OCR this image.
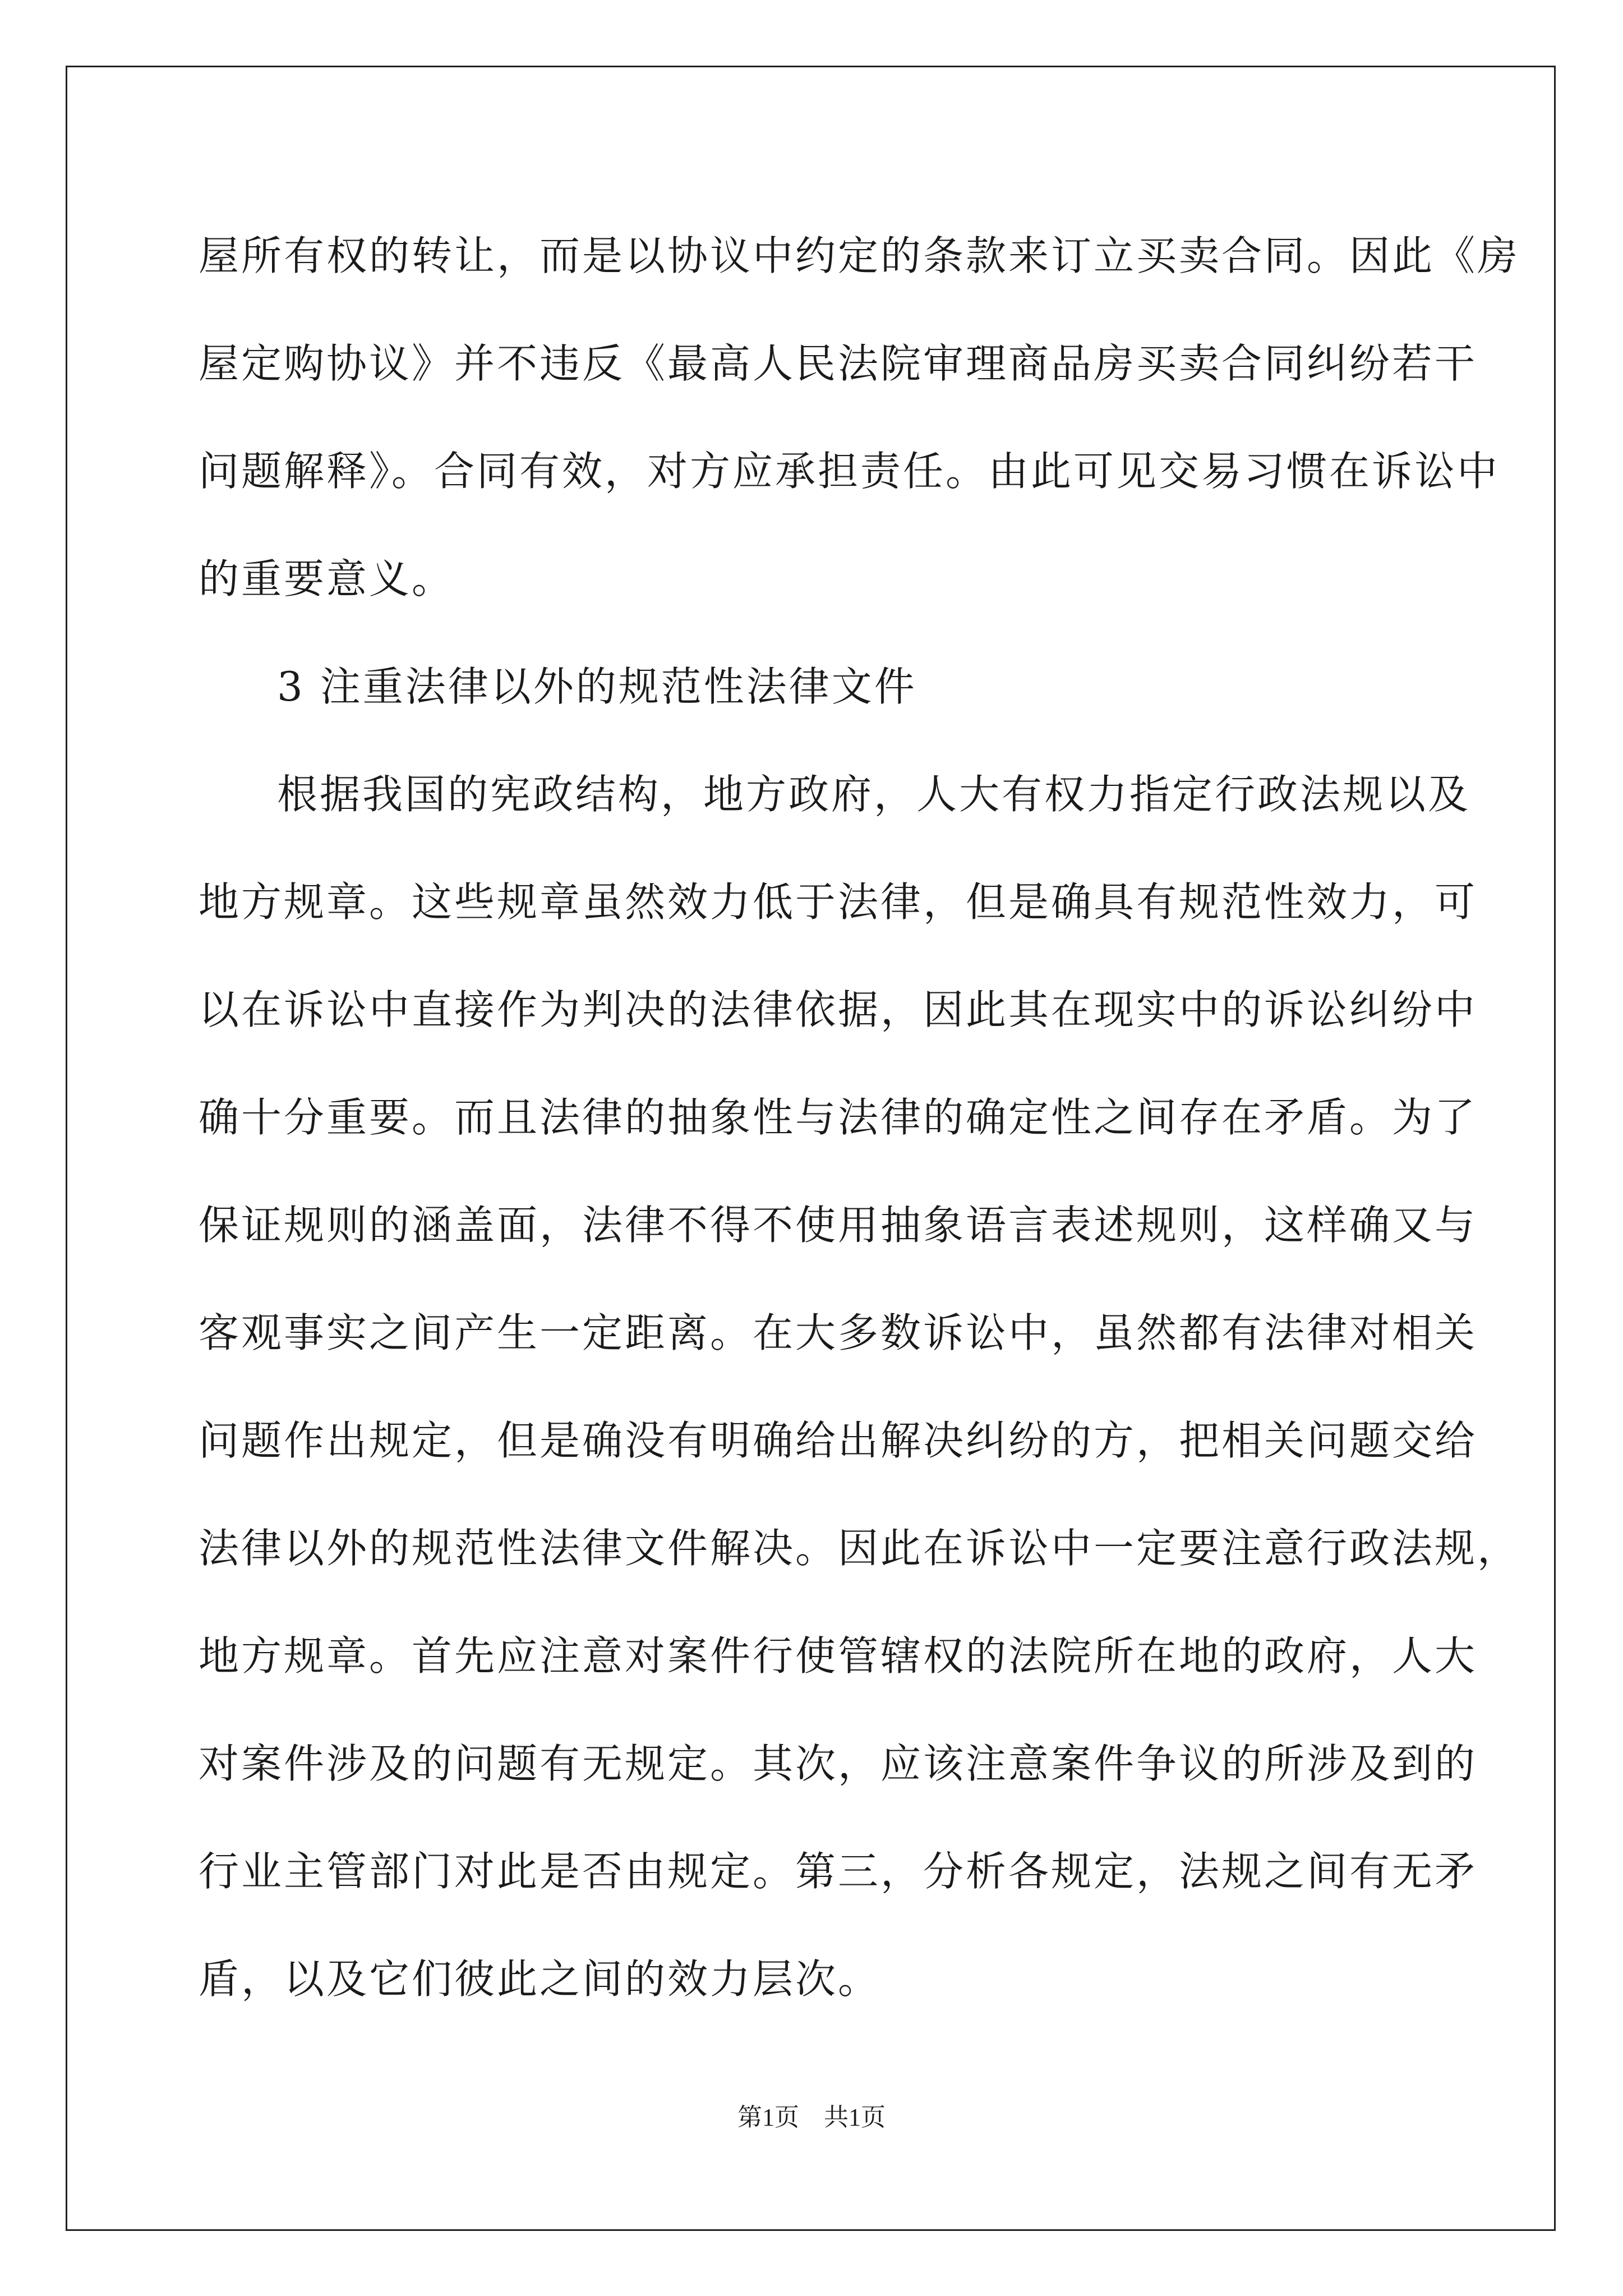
屋所有权的转让，而是以协议中约定的条款来订立买卖合同。因此《房
屋定购协议》并不违反《最高人民法院审理商品房买卖合同纠纷若干
问题解释》。合同有效，对方应承担责任。由此可见交易习惯在诉讼中
的重要意义。
3 注重法律以外的规范性法律文件
根据我国的宪政结构，地方政府，人大有权力指定行政法规以及
地方规章。这些规章虽然效力低于法律，但是确具有规范性效力，可
以在诉讼中直接作为判决的法律依据，因此其在现实中的诉讼纠纷中
确十分重要。而且法律的抽象性与法律的确定性之间存在矛盾。为了
保证规则的涵盖面，法律不得不使用抽象语言表述规则，这样确又与
客观事实之间产生一定距离。在大多数诉讼中，虽然都有法律对相关
问题作出规定，但是确没有明确给出解决纠纷的方，把相关问题交给
法律以外的规范性法律文件解决。因此在诉讼中一定要注意行政法规，
地方规章。首先应注意对案件行使管辖权的法院所在地的政府，人大
对案件涉及的问题有无规定。其次，应该注意案件争议的所涉及到的
行业主管部门对此是否由规定。第三，分析各规定，法规之间有无矛
盾，以及它们彼此之间的效力层次。
第1页　共1页
